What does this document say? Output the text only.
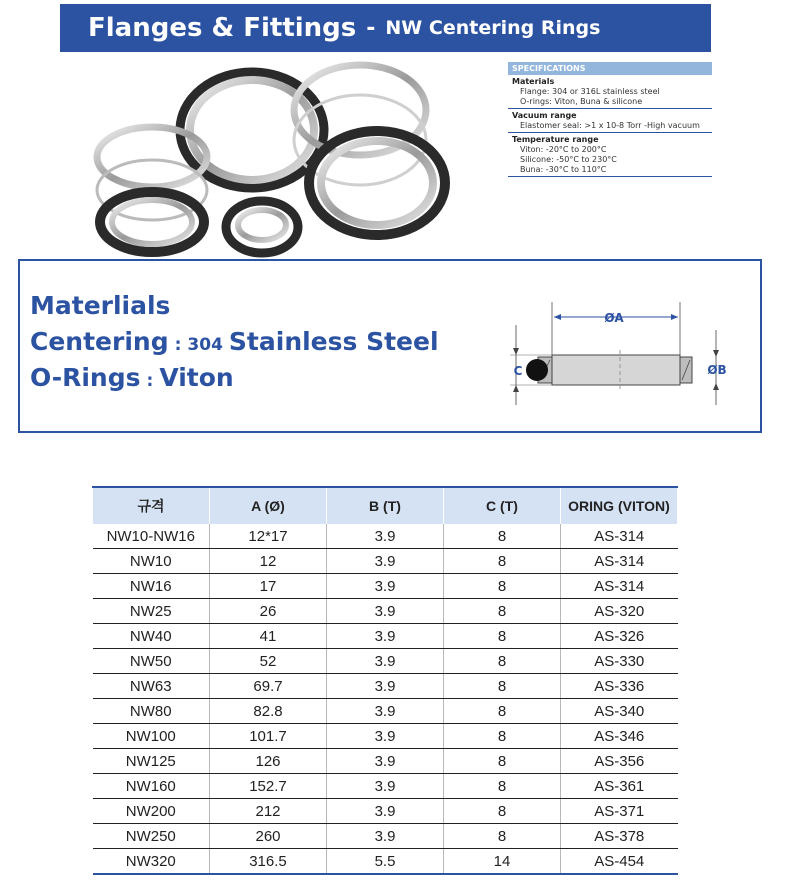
Flanges & Fittings - NW Centering Rings
SPECIFICATIONS
Materials
Flange: 304 or 316L stainless steel
O-rings: Viton, Buna & silicone
Vacuum range
Elastomer seal: >1 x 10-8 Torr -High vacuum
Temperature range
Viton: -20°C to 200°C
Silicone: -50°C to 230°C
Buna: -30°C to 110°C
Materlials
Centering : 304 Stainless Steel
O-Rings : Viton
ØA
C	ØB
규격	A (Ø)	B (T)	C (T)	ORING (VITON)
NW10-NW16	12*17	3.9	8	AS-314
NW10	12	3.9	8	AS-314
NW16	17	3.9	8	AS-314
NW25	26	3.9	8	AS-320
NW40	41	3.9	8	AS-326
NW50	52	3.9	8	AS-330
NW63	69.7	3.9	8	AS-336
NW80	82.8	3.9	8	AS-340
NW100	101.7	3.9	8	AS-346
NW125	126	3.9	8	AS-356
NW160	152.7	3.9	8	AS-361
NW200	212	3.9	8	AS-371
NW250	260	3.9	8	AS-378
NW320	316.5	5.5	14	AS-454
